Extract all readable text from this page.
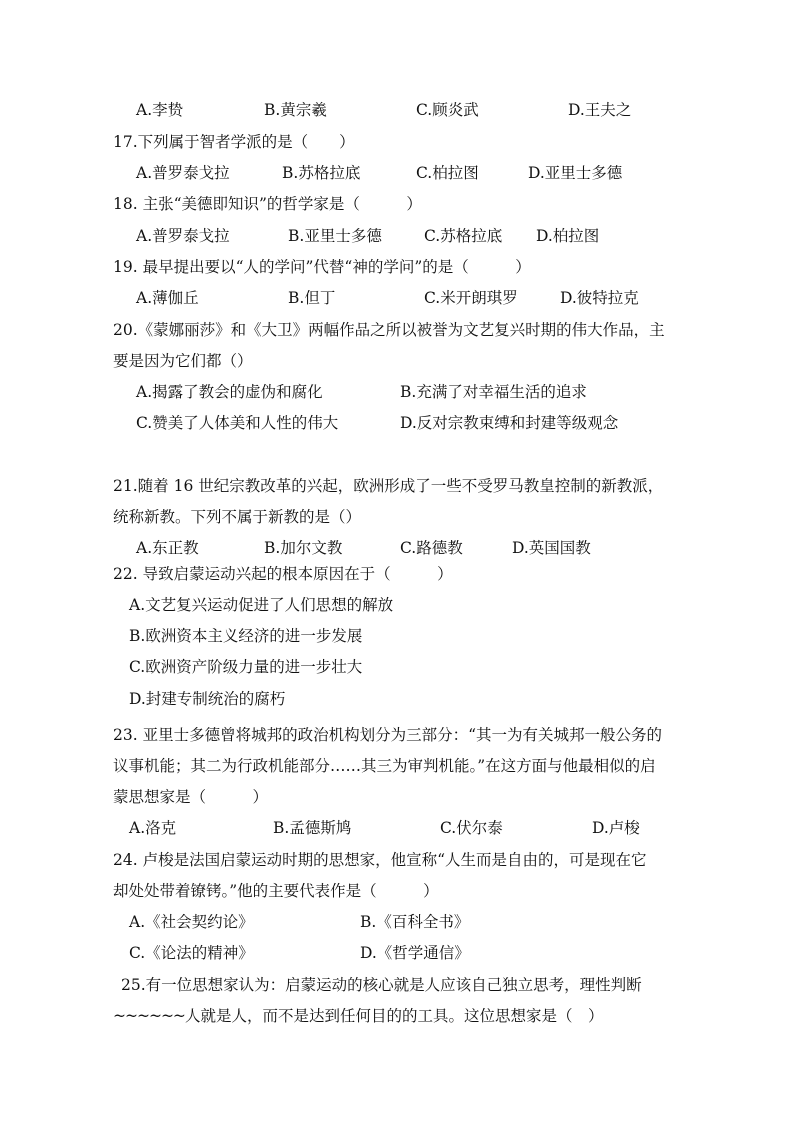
A.李贽	B.黄宗羲	C.顾炎武	D.王夫之
17.下列属于智者学派的是（　　）
A.普罗泰戈拉	B.苏格拉底	C.柏拉图	D.亚里士多德
18. 主张“美德即知识”的哲学家是（　　　）
A.普罗泰戈拉	B.亚里士多德	C.苏格拉底 D.柏拉图
19. 最早提出要以“人的学问”代替“神的学问”的是（　　　）
A.薄伽丘	B.但丁	C.米开朗琪罗	D.彼特拉克
20.《蒙娜丽莎》和《大卫》两幅作品之所以被誉为文艺复兴时期的伟大作品，主
要是因为它们都（）
A.揭露了教会的虚伪和腐化	B.充满了对幸福生活的追求
C.赞美了人体美和人性的伟大	D.反对宗教束缚和封建等级观念
21.随着 16 世纪宗教改革的兴起，欧洲形成了一些不受罗马教皇控制的新教派，
统称新教。下列不属于新教的是（）
A.东正教	B.加尔文教	C.路德教	D.英国国教
22. 导致启蒙运动兴起的根本原因在于（　　　）
A.文艺复兴运动促进了人们思想的解放
B.欧洲资本主义经济的进一步发展
C.欧洲资产阶级力量的进一步壮大
D.封建专制统治的腐朽
23. 亚里士多德曾将城邦的政治机构划分为三部分：“其一为有关城邦一般公务的
议事机能；其二为行政机能部分……其三为审判机能。”在这方面与他最相似的启
蒙思想家是（　　　）
A.洛克	B.孟德斯鸠	C.伏尔泰	D.卢梭
24. 卢梭是法国启蒙运动时期的思想家，他宣称“人生而是自由的，可是现在它
却处处带着镣铐。”他的主要代表作是（　　　）
A.《社会契约论》	B.《百科全书》
C.《论法的精神》	D.《哲学通信》
25.有一位思想家认为：启蒙运动的核心就是人应该自己独立思考，理性判断
~~~~~~人就是人，而不是达到任何目的的工具。这位思想家是（　）
